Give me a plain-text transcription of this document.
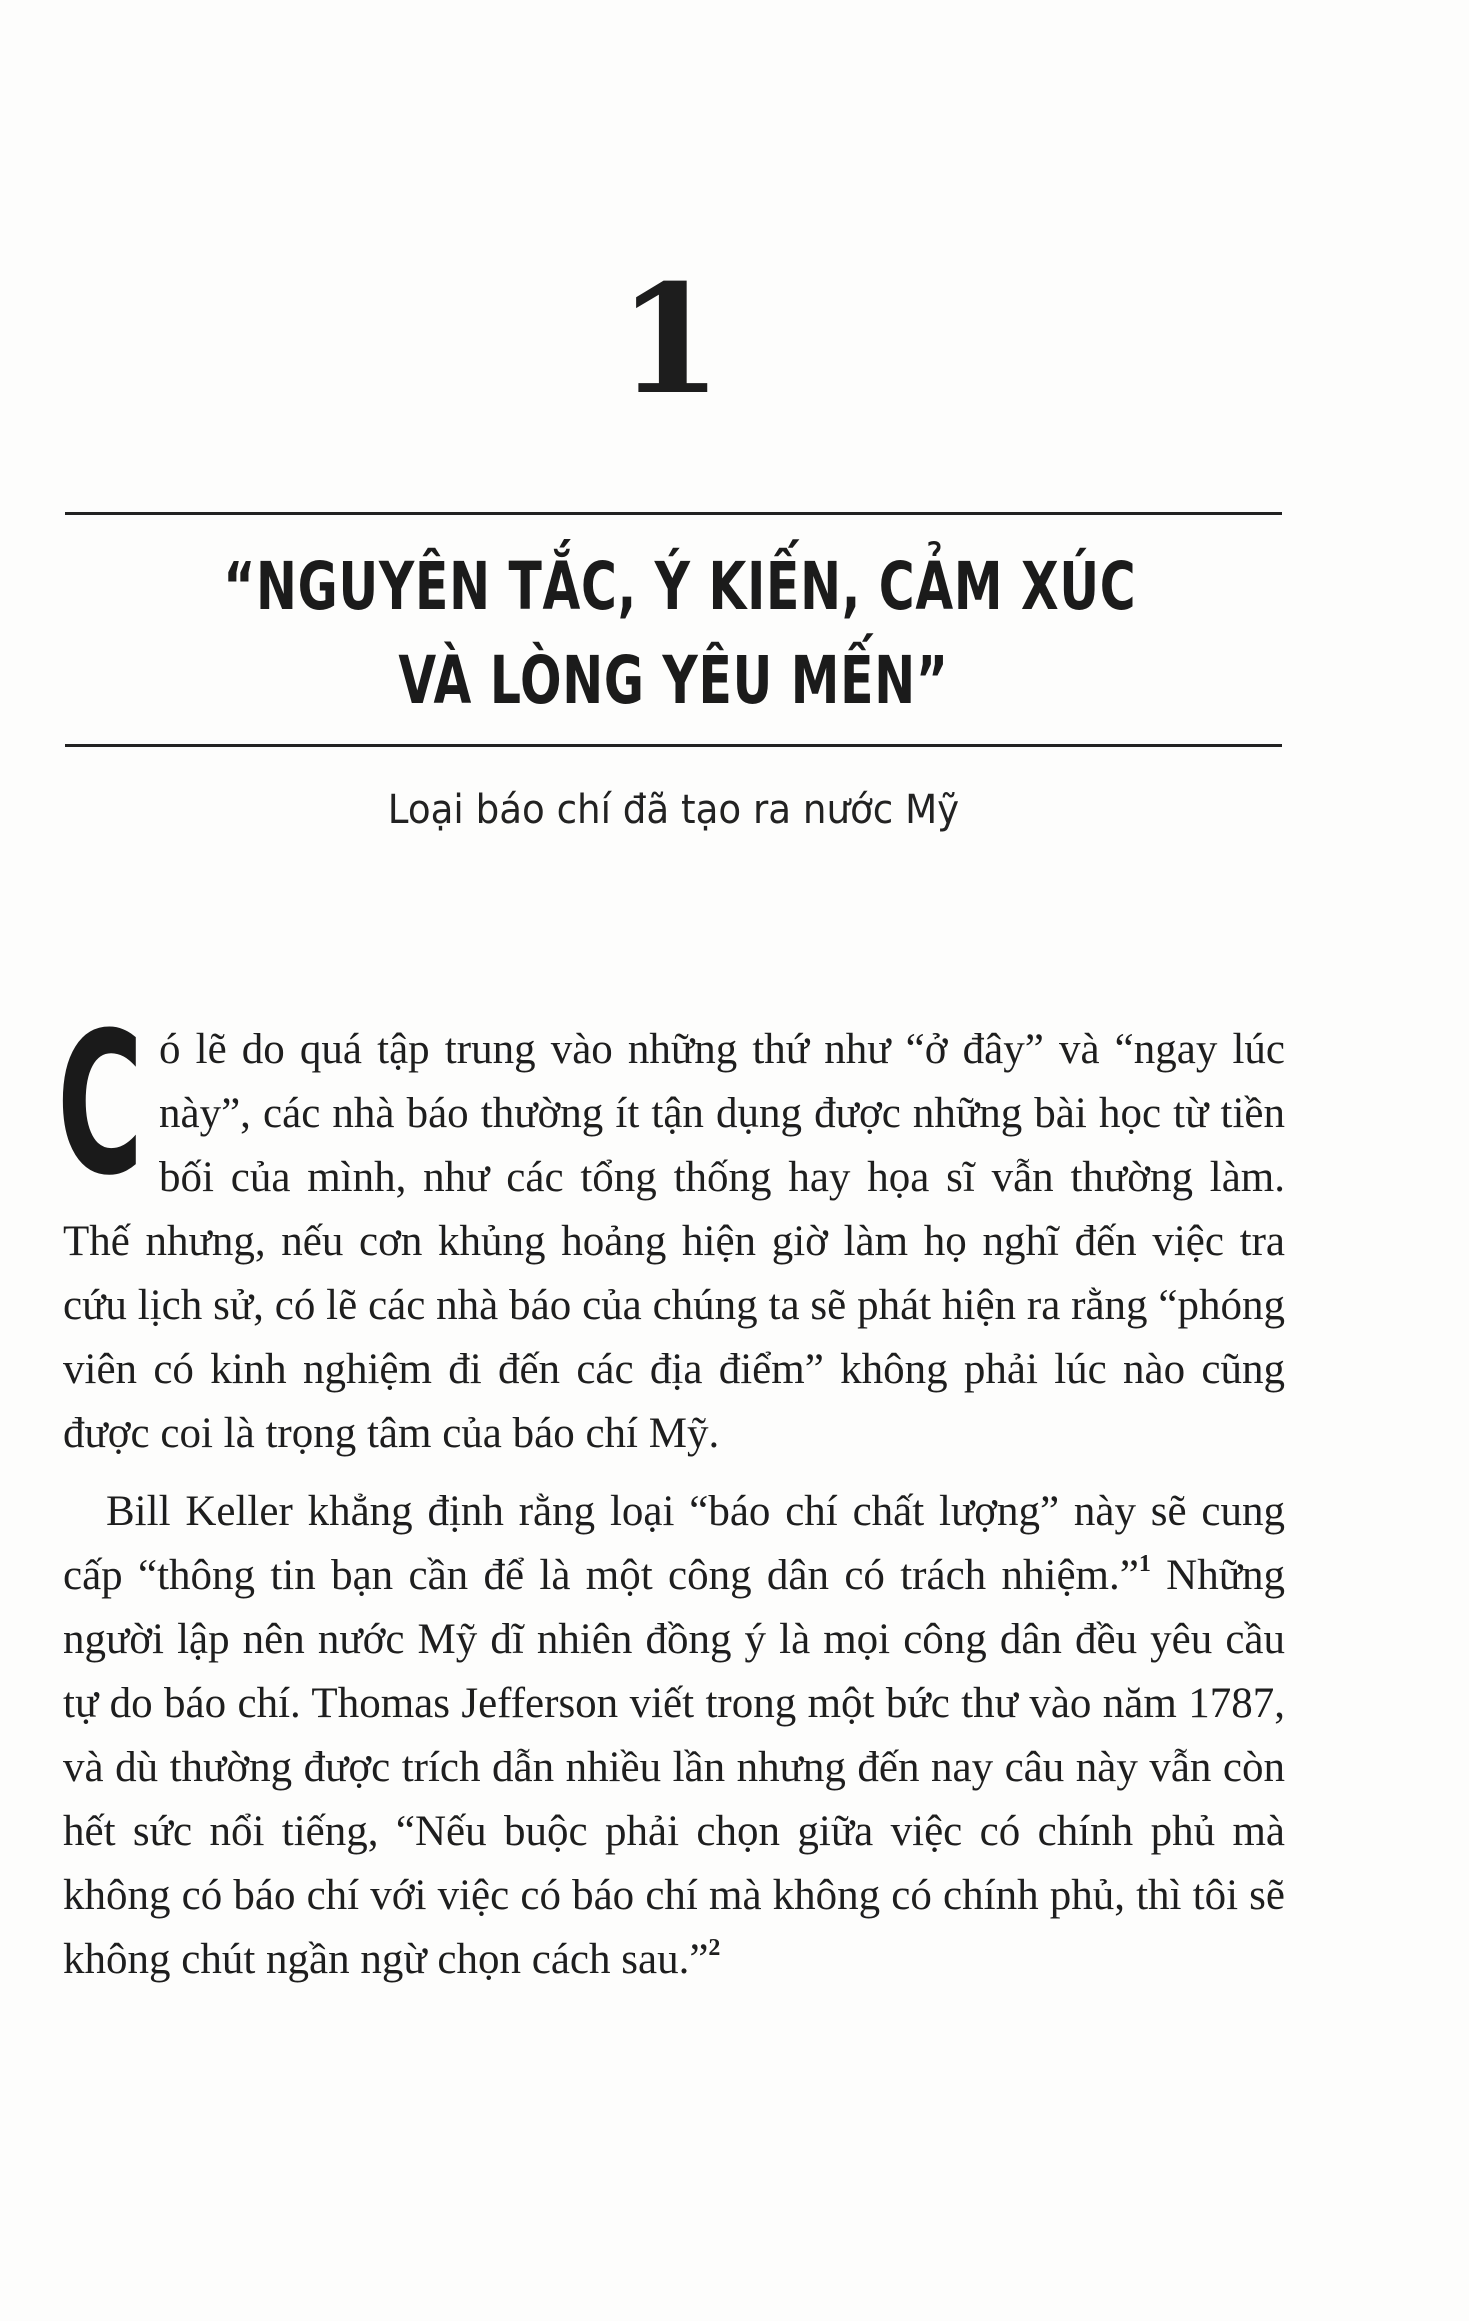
1
“NGUYÊN TẮC, Ý KIẾN, CẢM XÚC
VÀ LÒNG YÊU MẾN”
Loại báo chí đã tạo ra nước Mỹ

Có lẽ do quá tập trung vào những thứ như “ở đây” và “ngay lúc này”, các nhà báo thường ít tận dụng được những bài học từ tiền bối của mình, như các tổng thống hay họa sĩ vẫn thường làm. Thế nhưng, nếu cơn khủng hoảng hiện giờ làm họ nghĩ đến việc tra cứu lịch sử, có lẽ các nhà báo của chúng ta sẽ phát hiện ra rằng “phóng viên có kinh nghiệm đi đến các địa điểm” không phải lúc nào cũng được coi là trọng tâm của báo chí Mỹ.

Bill Keller khẳng định rằng loại “báo chí chất lượng” này sẽ cung cấp “thông tin bạn cần để là một công dân có trách nhiệm.”$^1$ Những người lập nên nước Mỹ dĩ nhiên đồng ý là mọi công dân đều yêu cầu tự do báo chí. Thomas Jefferson viết trong một bức thư vào năm 1787, và dù thường được trích dẫn nhiều lần nhưng đến nay câu này vẫn còn hết sức nổi tiếng, “Nếu buộc phải chọn giữa việc có chính phủ mà không có báo chí với việc có báo chí mà không có chính phủ, thì tôi sẽ không chút ngần ngừ chọn cách sau.”$^2$
